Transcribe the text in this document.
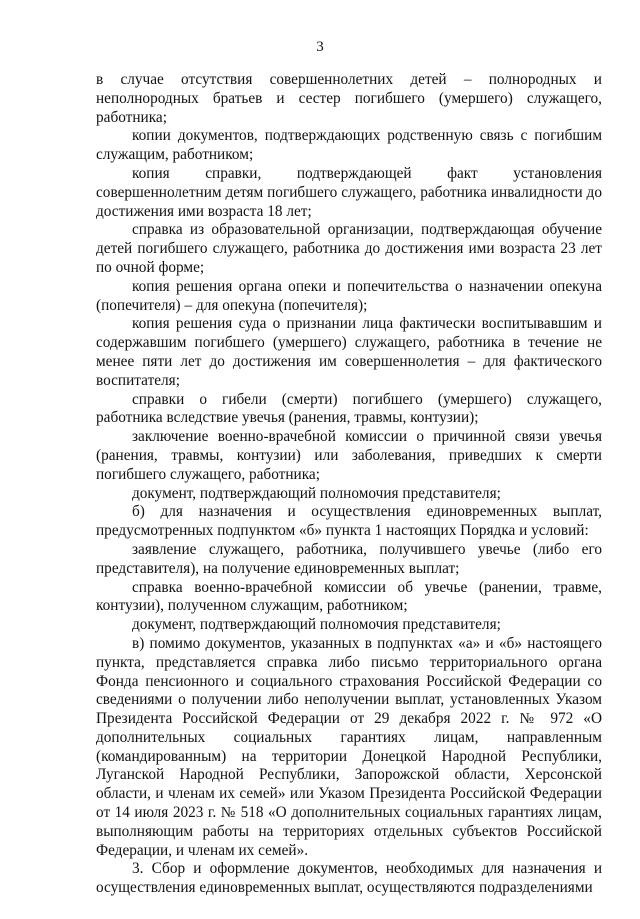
3

в случае отсутствия совершеннолетних детей – полнородных и неполнородных братьев и сестер погибшего (умершего) служащего, работника;

копии документов, подтверждающих родственную связь с погибшим служащим, работником;

копия справки, подтверждающей факт установления совершеннолетним детям погибшего служащего, работника инвалидности до достижения ими возраста 18 лет;

справка из образовательной организации, подтверждающая обучение детей погибшего служащего, работника до достижения ими возраста 23 лет по очной форме;

копия решения органа опеки и попечительства о назначении опекуна (попечителя) – для опекуна (попечителя);

копия решения суда о признании лица фактически воспитывавшим и содержавшим погибшего (умершего) служащего, работника в течение не менее пяти лет до достижения им совершеннолетия – для фактического воспитателя;

справки о гибели (смерти) погибшего (умершего) служащего, работника вследствие увечья (ранения, травмы, контузии);

заключение военно-врачебной комиссии о причинной связи увечья (ранения, травмы, контузии) или заболевания, приведших к смерти погибшего служащего, работника;

документ, подтверждающий полномочия представителя;

б) для назначения и осуществления единовременных выплат, предусмотренных подпунктом «б» пункта 1 настоящих Порядка и условий:

заявление служащего, работника, получившего увечье (либо его представителя), на получение единовременных выплат;

справка военно-врачебной комиссии об увечье (ранении, травме, контузии), полученном служащим, работником;

документ, подтверждающий полномочия представителя;

в) помимо документов, указанных в подпунктах «а» и «б» настоящего пункта, представляется справка либо письмо территориального органа Фонда пенсионного и социального страхования Российской Федерации со сведениями о получении либо неполучении выплат, установленных Указом Президента Российской Федерации от 29 декабря 2022 г. № 972 «О дополнительных социальных гарантиях лицам, направленным (командированным) на территории Донецкой Народной Республики, Луганской Народной Республики, Запорожской области, Херсонской области, и членам их семей» или Указом Президента Российской Федерации от 14 июля 2023 г. № 518 «О дополнительных социальных гарантиях лицам, выполняющим работы на территориях отдельных субъектов Российской Федерации, и членам их семей».

3. Сбор и оформление документов, необходимых для назначения и осуществления единовременных выплат, осуществляются подразделениями
